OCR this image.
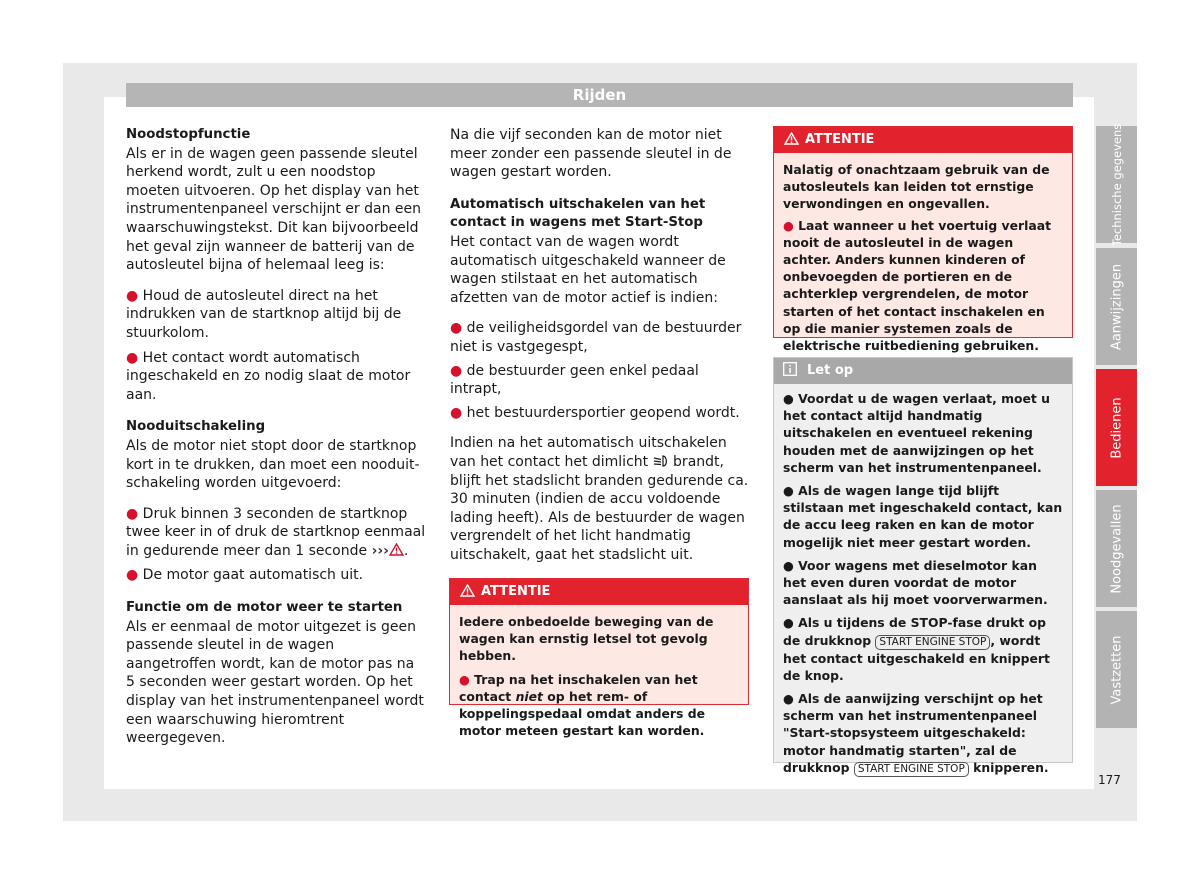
Rijden

Noodstopfunctie

Als er in de wagen geen passende sleutel herkend wordt, zult u een noodstop moeten uitvoeren. Op het display van het instrumentenpaneel verschijnt er dan een waarschuwingstekst. Dit kan bijvoorbeeld het geval zijn wanneer de batterij van de autosleutel bijna of helemaal leeg is:

● Houd de autosleutel direct na het indrukken van de startknop altijd bij de stuurkolom.

● Het contact wordt automatisch ingeschakeld en zo nodig slaat de motor aan.

Nooduitschakeling

Als de motor niet stopt door de startknop kort in te drukken, dan moet een nooduitschakeling worden uitgevoerd:

● Druk binnen 3 seconden de startknop twee keer in of druk de startknop eenmaal in gedurende meer dan 1 seconde ››› .

● De motor gaat automatisch uit.

Functie om de motor weer te starten

Als er eenmaal de motor uitgezet is geen passende sleutel in de wagen aangetroffen wordt, kan de motor pas na 5 seconden weer gestart worden. Op het display van het instrumentenpaneel wordt een waarschuwing hieromtrent weergegeven.

Na die vijf seconden kan de motor niet meer zonder een passende sleutel in de wagen gestart worden.

Automatisch uitschakelen van het contact in wagens met Start-Stop

Het contact van de wagen wordt automatisch uitgeschakeld wanneer de wagen stilstaat en het automatisch afzetten van de motor actief is indien:

● de veiligheidsgordel van de bestuurder niet is vastgegespt,

● de bestuurder geen enkel pedaal intrapt,

● het bestuurdersportier geopend wordt.

Indien na het automatisch uitschakelen van het contact het dimlicht brandt, blijft het stadslicht branden gedurende ca. 30 minuten (indien de accu voldoende lading heeft). Als de bestuurder de wagen vergrendelt of het licht handmatig uitschakelt, gaat het stadslicht uit.

ATTENTIE

Iedere onbedoelde beweging van de wagen kan ernstig letsel tot gevolg hebben.

● Trap na het inschakelen van het contact niet op het rem- of koppelingspedaal omdat anders de motor meteen gestart kan worden.

ATTENTIE

Nalatig of onachtzaam gebruik van de autosleutels kan leiden tot ernstige verwondingen en ongevallen.

● Laat wanneer u het voertuig verlaat nooit de autosleutel in de wagen achter. Anders kunnen kinderen of onbevoegden de portieren en de achterklep vergrendelen, de motor starten of het contact inschakelen en op die manier systemen zoals de elektrische ruitbediening gebruiken.

Let op

● Voordat u de wagen verlaat, moet u het contact altijd handmatig uitschakelen en eventueel rekening houden met de aanwijzingen op het scherm van het instrumentenpaneel.

● Als de wagen lange tijd blijft stilstaan met ingeschakeld contact, kan de accu leeg raken en kan de motor mogelijk niet meer gestart worden.

● Voor wagens met dieselmotor kan het even duren voordat de motor aanslaat als hij moet voorverwarmen.

● Als u tijdens de STOP-fase drukt op de drukknop START ENGINE STOP , wordt het contact uitgeschakeld en knippert de knop.

● Als de aanwijzing verschijnt op het scherm van het instrumentenpaneel "Start-stopsysteem uitgeschakeld: motor handmatig starten", zal de drukknop START ENGINE STOP knipperen.

Technische gegevens
Aanwijzingen
Bedienen
Noodgevallen
Vastzetten
177
